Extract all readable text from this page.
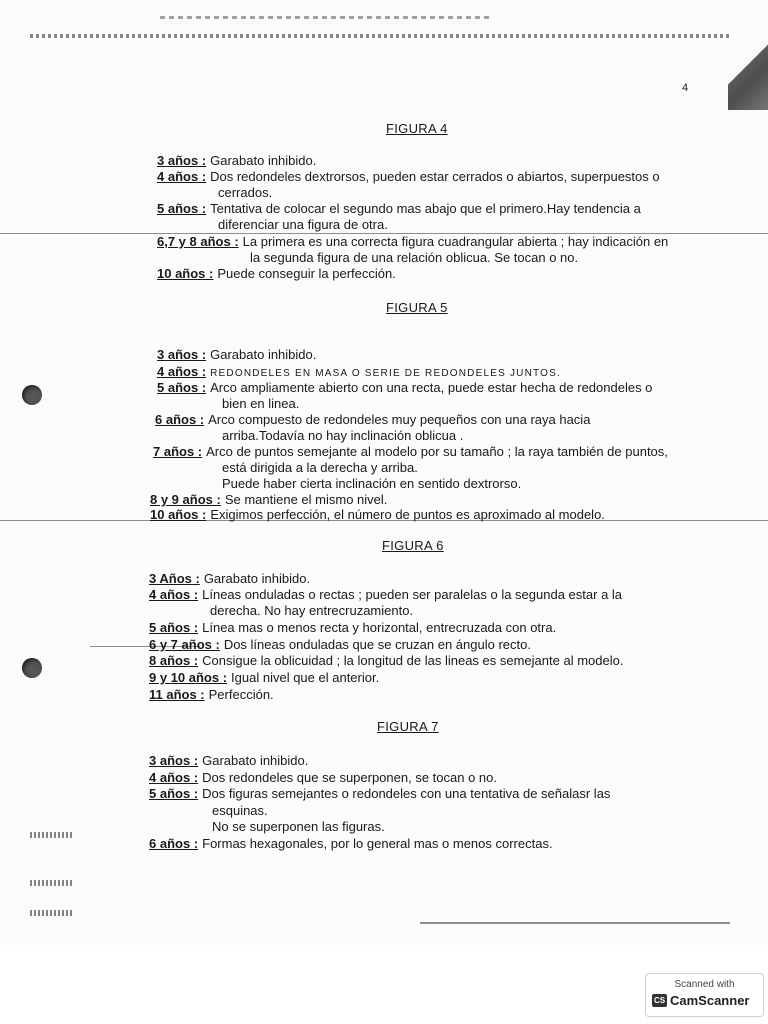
4
FIGURA 4
3 años : Garabato inhibido.
4 años : Dos redondeles dextrorsos, pueden estar cerrados o abiartos, superpuestos o
cerrados.
5 años : Tentativa de colocar el segundo mas abajo que el primero.Hay tendencia a
diferenciar una figura de otra.
6,7 y 8 años : La primera es una correcta figura cuadrangular abierta ; hay indicación en
la segunda figura de una relación oblicua. Se tocan o no.
10 años : Puede conseguir la perfección.
FIGURA 5
3 años : Garabato inhibido.
4 años : REDONDELES EN MASA O SERIE DE REDONDELES JUNTOS.
5 años : Arco ampliamente abierto con una recta, puede estar hecha de redondeles o
bien en linea.
6 años : Arco compuesto de redondeles muy pequeños con una raya hacia
arriba.Todavía no hay inclinación oblicua .
7 años : Arco de puntos semejante al modelo por su tamaño ; la raya también de puntos,
está dirigida a la derecha y arriba.
Puede haber cierta inclinación en sentido dextrorso.
8 y 9 años : Se mantiene el mismo nivel.
10 años : Exigimos perfección, el número de puntos es aproximado al modelo.
FIGURA 6
3 Años : Garabato inhibido.
4 años : Líneas onduladas o rectas ; pueden ser paralelas o la segunda estar a la
derecha. No hay entrecruzamiento.
5 años : Línea mas o menos recta y horizontal, entrecruzada con otra.
6 y 7 años : Dos líneas onduladas que se cruzan en ángulo recto.
8 años : Consigue la oblicuidad ; la longitud de las lineas es semejante al modelo.
9 y 10 años : Igual nivel que el anterior.
11 años : Perfección.
FIGURA 7
3 años : Garabato inhibido.
4 años : Dos redondeles que se superponen, se tocan o no.
5 años : Dos figuras semejantes o redondeles con una tentativa de señalasr las
esquinas.
No se superponen las figuras.
6 años : Formas hexagonales, por lo general mas o menos correctas.
Scanned with
CS CamScanner
